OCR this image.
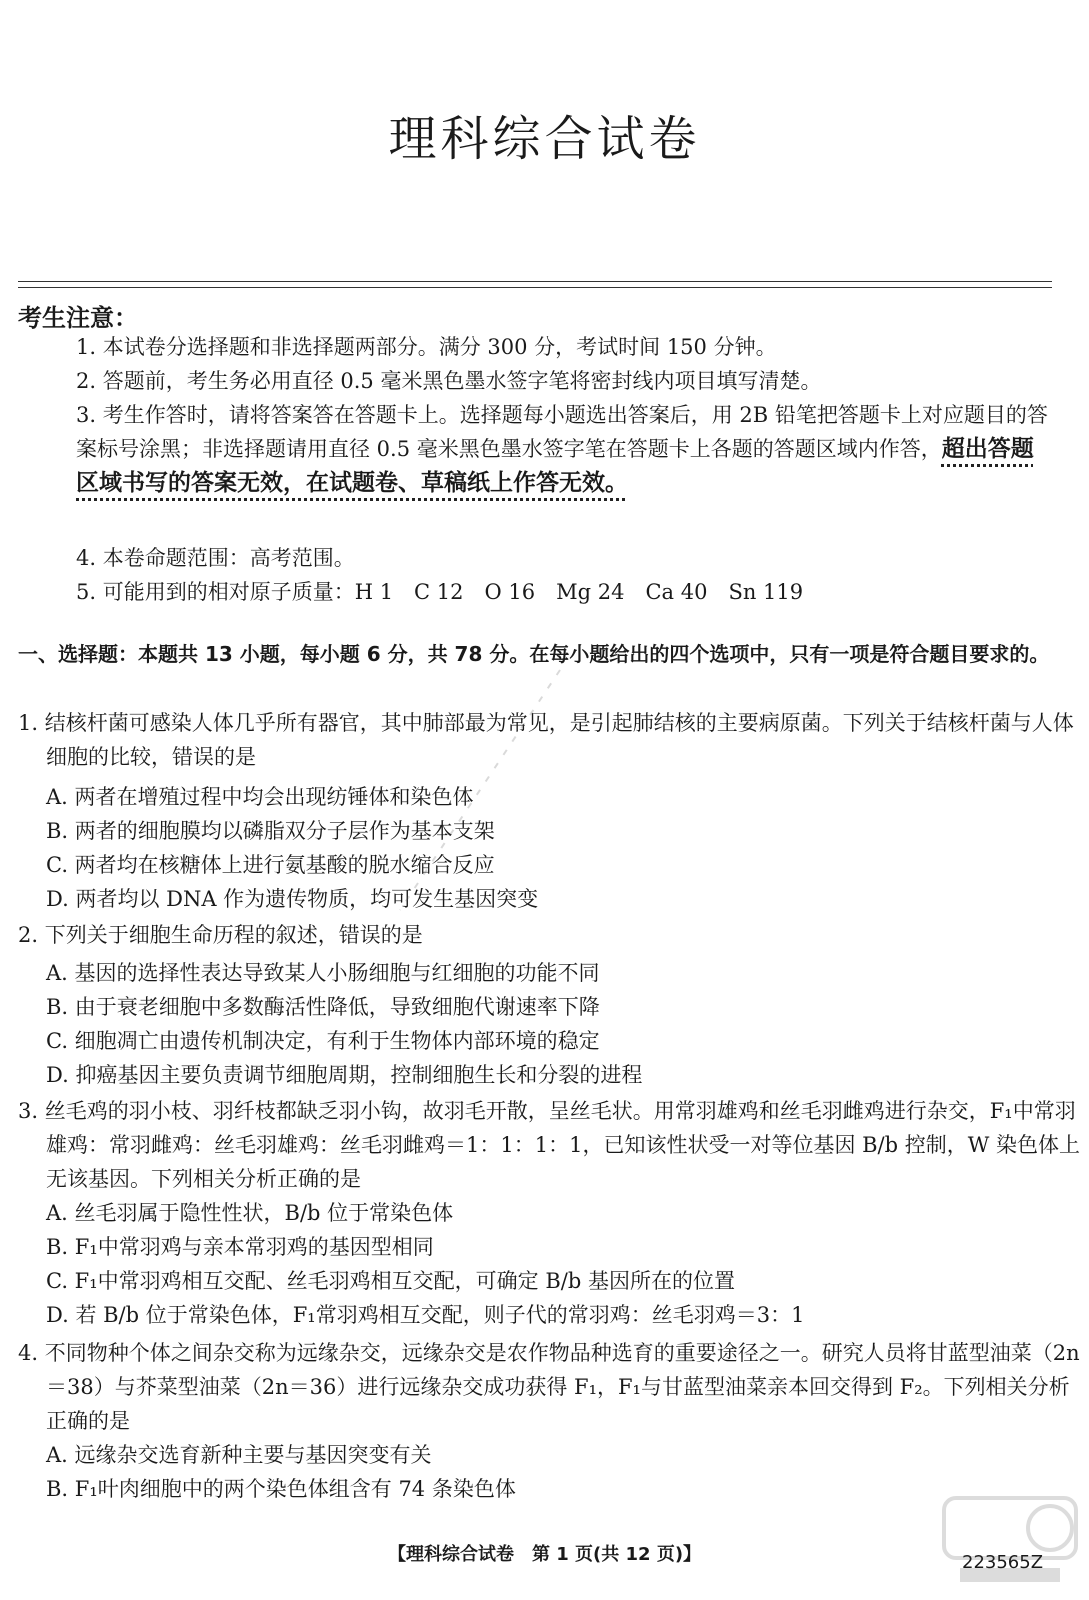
理科综合试卷
考生注意：

1. 本试卷分选择题和非选择题两部分。满分 300 分，考试时间 150 分钟。

2. 答题前，考生务必用直径 0.5 毫米黑色墨水签字笔将密封线内项目填写清楚。

3. 考生作答时，请将答案答在答题卡上。选择题每小题选出答案后，用 2B 铅笔把答题卡上对应题目的答案标号涂黑；非选择题请用直径 0.5 毫米黑色墨水签字笔在答题卡上各题的答题区域内作答，超出答题区域书写的答案无效，在试题卷、草稿纸上作答无效。

4. 本卷命题范围：高考范围。

5. 可能用到的相对原子质量：H 1　C 12　O 16　Mg 24　Ca 40　Sn 119

一、选择题：本题共 13 小题，每小题 6 分，共 78 分。在每小题给出的四个选项中，只有一项是符合题目要求的。

1. 结核杆菌可感染人体几乎所有器官，其中肺部最为常见，是引起肺结核的主要病原菌。下列关于结核杆菌与人体细胞的比较，错误的是

A. 两者在增殖过程中均会出现纺锤体和染色体

B. 两者的细胞膜均以磷脂双分子层作为基本支架

C. 两者均在核糖体上进行氨基酸的脱水缩合反应

D. 两者均以 DNA 作为遗传物质，均可发生基因突变

2. 下列关于细胞生命历程的叙述，错误的是

A. 基因的选择性表达导致某人小肠细胞与红细胞的功能不同

B. 由于衰老细胞中多数酶活性降低，导致细胞代谢速率下降

C. 细胞凋亡由遗传机制决定，有利于生物体内部环境的稳定

D. 抑癌基因主要负责调节细胞周期，控制细胞生长和分裂的进程

3. 丝毛鸡的羽小枝、羽纤枝都缺乏羽小钩，故羽毛开散，呈丝毛状。用常羽雄鸡和丝毛羽雌鸡进行杂交，F₁中常羽雄鸡：常羽雌鸡：丝毛羽雄鸡：丝毛羽雌鸡＝1：1：1：1，已知该性状受一对等位基因 B/b 控制，W 染色体上无该基因。下列相关分析正确的是

A. 丝毛羽属于隐性性状，B/b 位于常染色体

B. F₁中常羽鸡与亲本常羽鸡的基因型相同

C. F₁中常羽鸡相互交配、丝毛羽鸡相互交配，可确定 B/b 基因所在的位置

D. 若 B/b 位于常染色体，F₁常羽鸡相互交配，则子代的常羽鸡：丝毛羽鸡＝3：1

4. 不同物种个体之间杂交称为远缘杂交，远缘杂交是农作物品种选育的重要途径之一。研究人员将甘蓝型油菜（2n＝38）与芥菜型油菜（2n＝36）进行远缘杂交成功获得 F₁，F₁与甘蓝型油菜亲本回交得到 F₂。下列相关分析正确的是

A. 远缘杂交选育新种主要与基因突变有关

B. F₁叶肉细胞中的两个染色体组含有 74 条染色体

【理科综合试卷　第 1 页(共 12 页)】	223565Z
